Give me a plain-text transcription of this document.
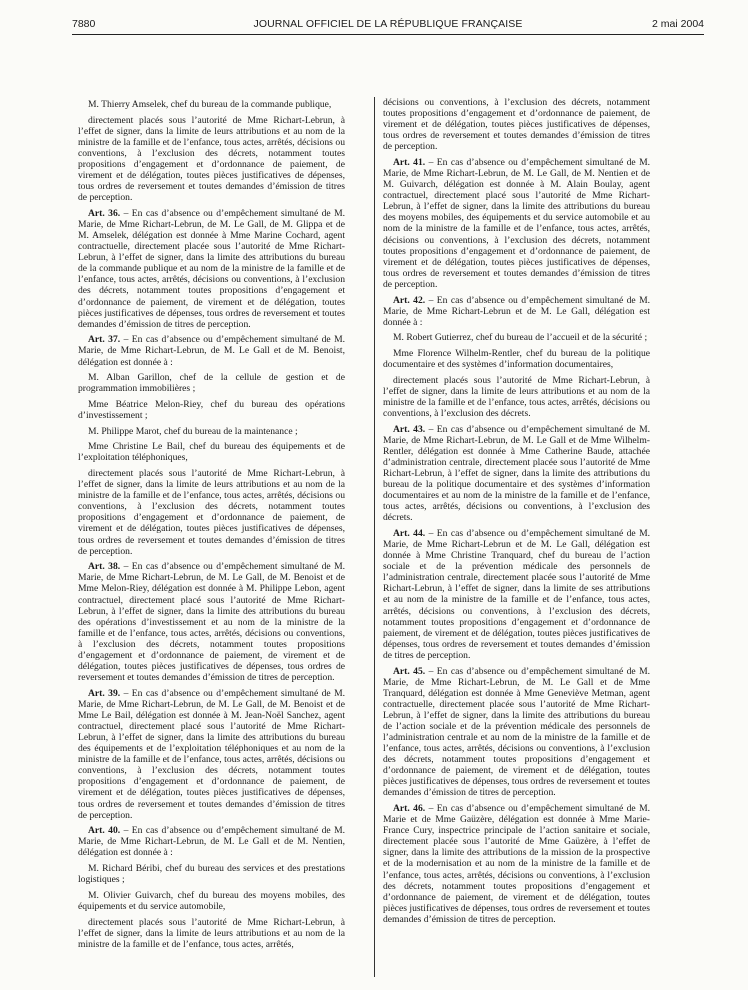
7880	JOURNAL OFFICIEL DE LA RÉPUBLIQUE FRANÇAISE	2 mai 2004

M. Thierry Amselek, chef du bureau de la commande publique,

directement placés sous l’autorité de Mme Richart-Lebrun, à l’effet de signer, dans la limite de leurs attributions et au nom de la ministre de la famille et de l’enfance, tous actes, arrêtés, décisions ou conventions, à l’exclusion des décrets, notamment toutes propositions d’engagement et d’ordonnance de paiement, de virement et de délégation, toutes pièces justificatives de dépenses, tous ordres de reversement et toutes demandes d’émission de titres de perception.

Art. 36. – En cas d’absence ou d’empêchement simultané de M. Marie, de Mme Richart-Lebrun, de M. Le Gall, de M. Glippa et de M. Amselek, délégation est donnée à Mme Marine Cochard, agent contractuelle, directement placée sous l’autorité de Mme Richart-Lebrun, à l’effet de signer, dans la limite des attributions du bureau de la commande publique et au nom de la ministre de la famille et de l’enfance, tous actes, arrêtés, décisions ou conventions, à l’exclusion des décrets, notamment toutes propositions d’engagement et d’ordonnance de paiement, de virement et de délégation, toutes pièces justificatives de dépenses, tous ordres de reversement et toutes demandes d’émission de titres de perception.

Art. 37. – En cas d’absence ou d’empêchement simultané de M. Marie, de Mme Richart-Lebrun, de M. Le Gall et de M. Benoist, délégation est donnée à :

M. Alban Garillon, chef de la cellule de gestion et de programmation immobilières ;

Mme Béatrice Melon-Riey, chef du bureau des opérations d’investissement ;

M. Philippe Marot, chef du bureau de la maintenance ;

Mme Christine Le Bail, chef du bureau des équipements et de l’exploitation téléphoniques,

directement placés sous l’autorité de Mme Richart-Lebrun, à l’effet de signer, dans la limite de leurs attributions et au nom de la ministre de la famille et de l’enfance, tous actes, arrêtés, décisions ou conventions, à l’exclusion des décrets, notamment toutes propositions d’engagement et d’ordonnance de paiement, de virement et de délégation, toutes pièces justificatives de dépenses, tous ordres de reversement et toutes demandes d’émission de titres de perception.

Art. 38. – En cas d’absence ou d’empêchement simultané de M. Marie, de Mme Richart-Lebrun, de M. Le Gall, de M. Benoist et de Mme Melon-Riey, délégation est donnée à M. Philippe Lebon, agent contractuel, directement placé sous l’autorité de Mme Richart-Lebrun, à l’effet de signer, dans la limite des attributions du bureau des opérations d’investissement et au nom de la ministre de la famille et de l’enfance, tous actes, arrêtés, décisions ou conventions, à l’exclusion des décrets, notamment toutes propositions d’engagement et d’ordonnance de paiement, de virement et de délégation, toutes pièces justificatives de dépenses, tous ordres de reversement et toutes demandes d’émission de titres de perception.

Art. 39. – En cas d’absence ou d’empêchement simultané de M. Marie, de Mme Richart-Lebrun, de M. Le Gall, de M. Benoist et de Mme Le Bail, délégation est donnée à M. Jean-Noël Sanchez, agent contractuel, directement placé sous l’autorité de Mme Richart-Lebrun, à l’effet de signer, dans la limite des attributions du bureau des équipements et de l’exploitation téléphoniques et au nom de la ministre de la famille et de l’enfance, tous actes, arrêtés, décisions ou conventions, à l’exclusion des décrets, notamment toutes propositions d’engagement et d’ordonnance de paiement, de virement et de délégation, toutes pièces justificatives de dépenses, tous ordres de reversement et toutes demandes d’émission de titres de perception.

Art. 40. – En cas d’absence ou d’empêchement simultané de M. Marie, de Mme Richart-Lebrun, de M. Le Gall et de M. Nentien, délégation est donnée à :

M. Richard Béribi, chef du bureau des services et des prestations logistiques ;

M. Olivier Guivarch, chef du bureau des moyens mobiles, des équipements et du service automobile,

directement placés sous l’autorité de Mme Richart-Lebrun, à l’effet de signer, dans la limite de leurs attributions et au nom de la ministre de la famille et de l’enfance, tous actes, arrêtés,

décisions ou conventions, à l’exclusion des décrets, notamment toutes propositions d’engagement et d’ordonnance de paiement, de virement et de délégation, toutes pièces justificatives de dépenses, tous ordres de reversement et toutes demandes d’émission de titres de perception.

Art. 41. – En cas d’absence ou d’empêchement simultané de M. Marie, de Mme Richart-Lebrun, de M. Le Gall, de M. Nentien et de M. Guivarch, délégation est donnée à M. Alain Boulay, agent contractuel, directement placé sous l’autorité de Mme Richart-Lebrun, à l’effet de signer, dans la limite des attributions du bureau des moyens mobiles, des équipements et du service automobile et au nom de la ministre de la famille et de l’enfance, tous actes, arrêtés, décisions ou conventions, à l’exclusion des décrets, notamment toutes propositions d’engagement et d’ordonnance de paiement, de virement et de délégation, toutes pièces justificatives de dépenses, tous ordres de reversement et toutes demandes d’émission de titres de perception.

Art. 42. – En cas d’absence ou d’empêchement simultané de M. Marie, de Mme Richart-Lebrun et de M. Le Gall, délégation est donnée à :

M. Robert Gutierrez, chef du bureau de l’accueil et de la sécurité ;

Mme Florence Wilhelm-Rentler, chef du bureau de la politique documentaire et des systèmes d’information documentaires,

directement placés sous l’autorité de Mme Richart-Lebrun, à l’effet de signer, dans la limite de leurs attributions et au nom de la ministre de la famille et de l’enfance, tous actes, arrêtés, décisions ou conventions, à l’exclusion des décrets.

Art. 43. – En cas d’absence ou d’empêchement simultané de M. Marie, de Mme Richart-Lebrun, de M. Le Gall et de Mme Wilhelm-Rentler, délégation est donnée à Mme Catherine Baude, attachée d’administration centrale, directement placée sous l’autorité de Mme Richart-Lebrun, à l’effet de signer, dans la limite des attributions du bureau de la politique documentaire et des systèmes d’information documentaires et au nom de la ministre de la famille et de l’enfance, tous actes, arrêtés, décisions ou conventions, à l’exclusion des décrets.

Art. 44. – En cas d’absence ou d’empêchement simultané de M. Marie, de Mme Richart-Lebrun et de M. Le Gall, délégation est donnée à Mme Christine Tranquard, chef du bureau de l’action sociale et de la prévention médicale des personnels de l’administration centrale, directement placée sous l’autorité de Mme Richart-Lebrun, à l’effet de signer, dans la limite de ses attributions et au nom de la ministre de la famille et de l’enfance, tous actes, arrêtés, décisions ou conventions, à l’exclusion des décrets, notamment toutes propositions d’engagement et d’ordonnance de paiement, de virement et de délégation, toutes pièces justificatives de dépenses, tous ordres de reversement et toutes demandes d’émission de titres de perception.

Art. 45. – En cas d’absence ou d’empêchement simultané de M. Marie, de Mme Richart-Lebrun, de M. Le Gall et de Mme Tranquard, délégation est donnée à Mme Geneviève Metman, agent contractuelle, directement placée sous l’autorité de Mme Richart-Lebrun, à l’effet de signer, dans la limite des attributions du bureau de l’action sociale et de la prévention médicale des personnels de l’administration centrale et au nom de la ministre de la famille et de l’enfance, tous actes, arrêtés, décisions ou conventions, à l’exclusion des décrets, notamment toutes propositions d’engagement et d’ordonnance de paiement, de virement et de délégation, toutes pièces justificatives de dépenses, tous ordres de reversement et toutes demandes d’émission de titres de perception.

Art. 46. – En cas d’absence ou d’empêchement simultané de M. Marie et de Mme Gaüzère, délégation est donnée à Mme Marie-France Cury, inspectrice principale de l’action sanitaire et sociale, directement placée sous l’autorité de Mme Gaüzère, à l’effet de signer, dans la limite des attributions de la mission de la prospective et de la modernisation et au nom de la ministre de la famille et de l’enfance, tous actes, arrêtés, décisions ou conventions, à l’exclusion des décrets, notamment toutes propositions d’engagement et d’ordonnance de paiement, de virement et de délégation, toutes pièces justificatives de dépenses, tous ordres de reversement et toutes demandes d’émission de titres de perception.
